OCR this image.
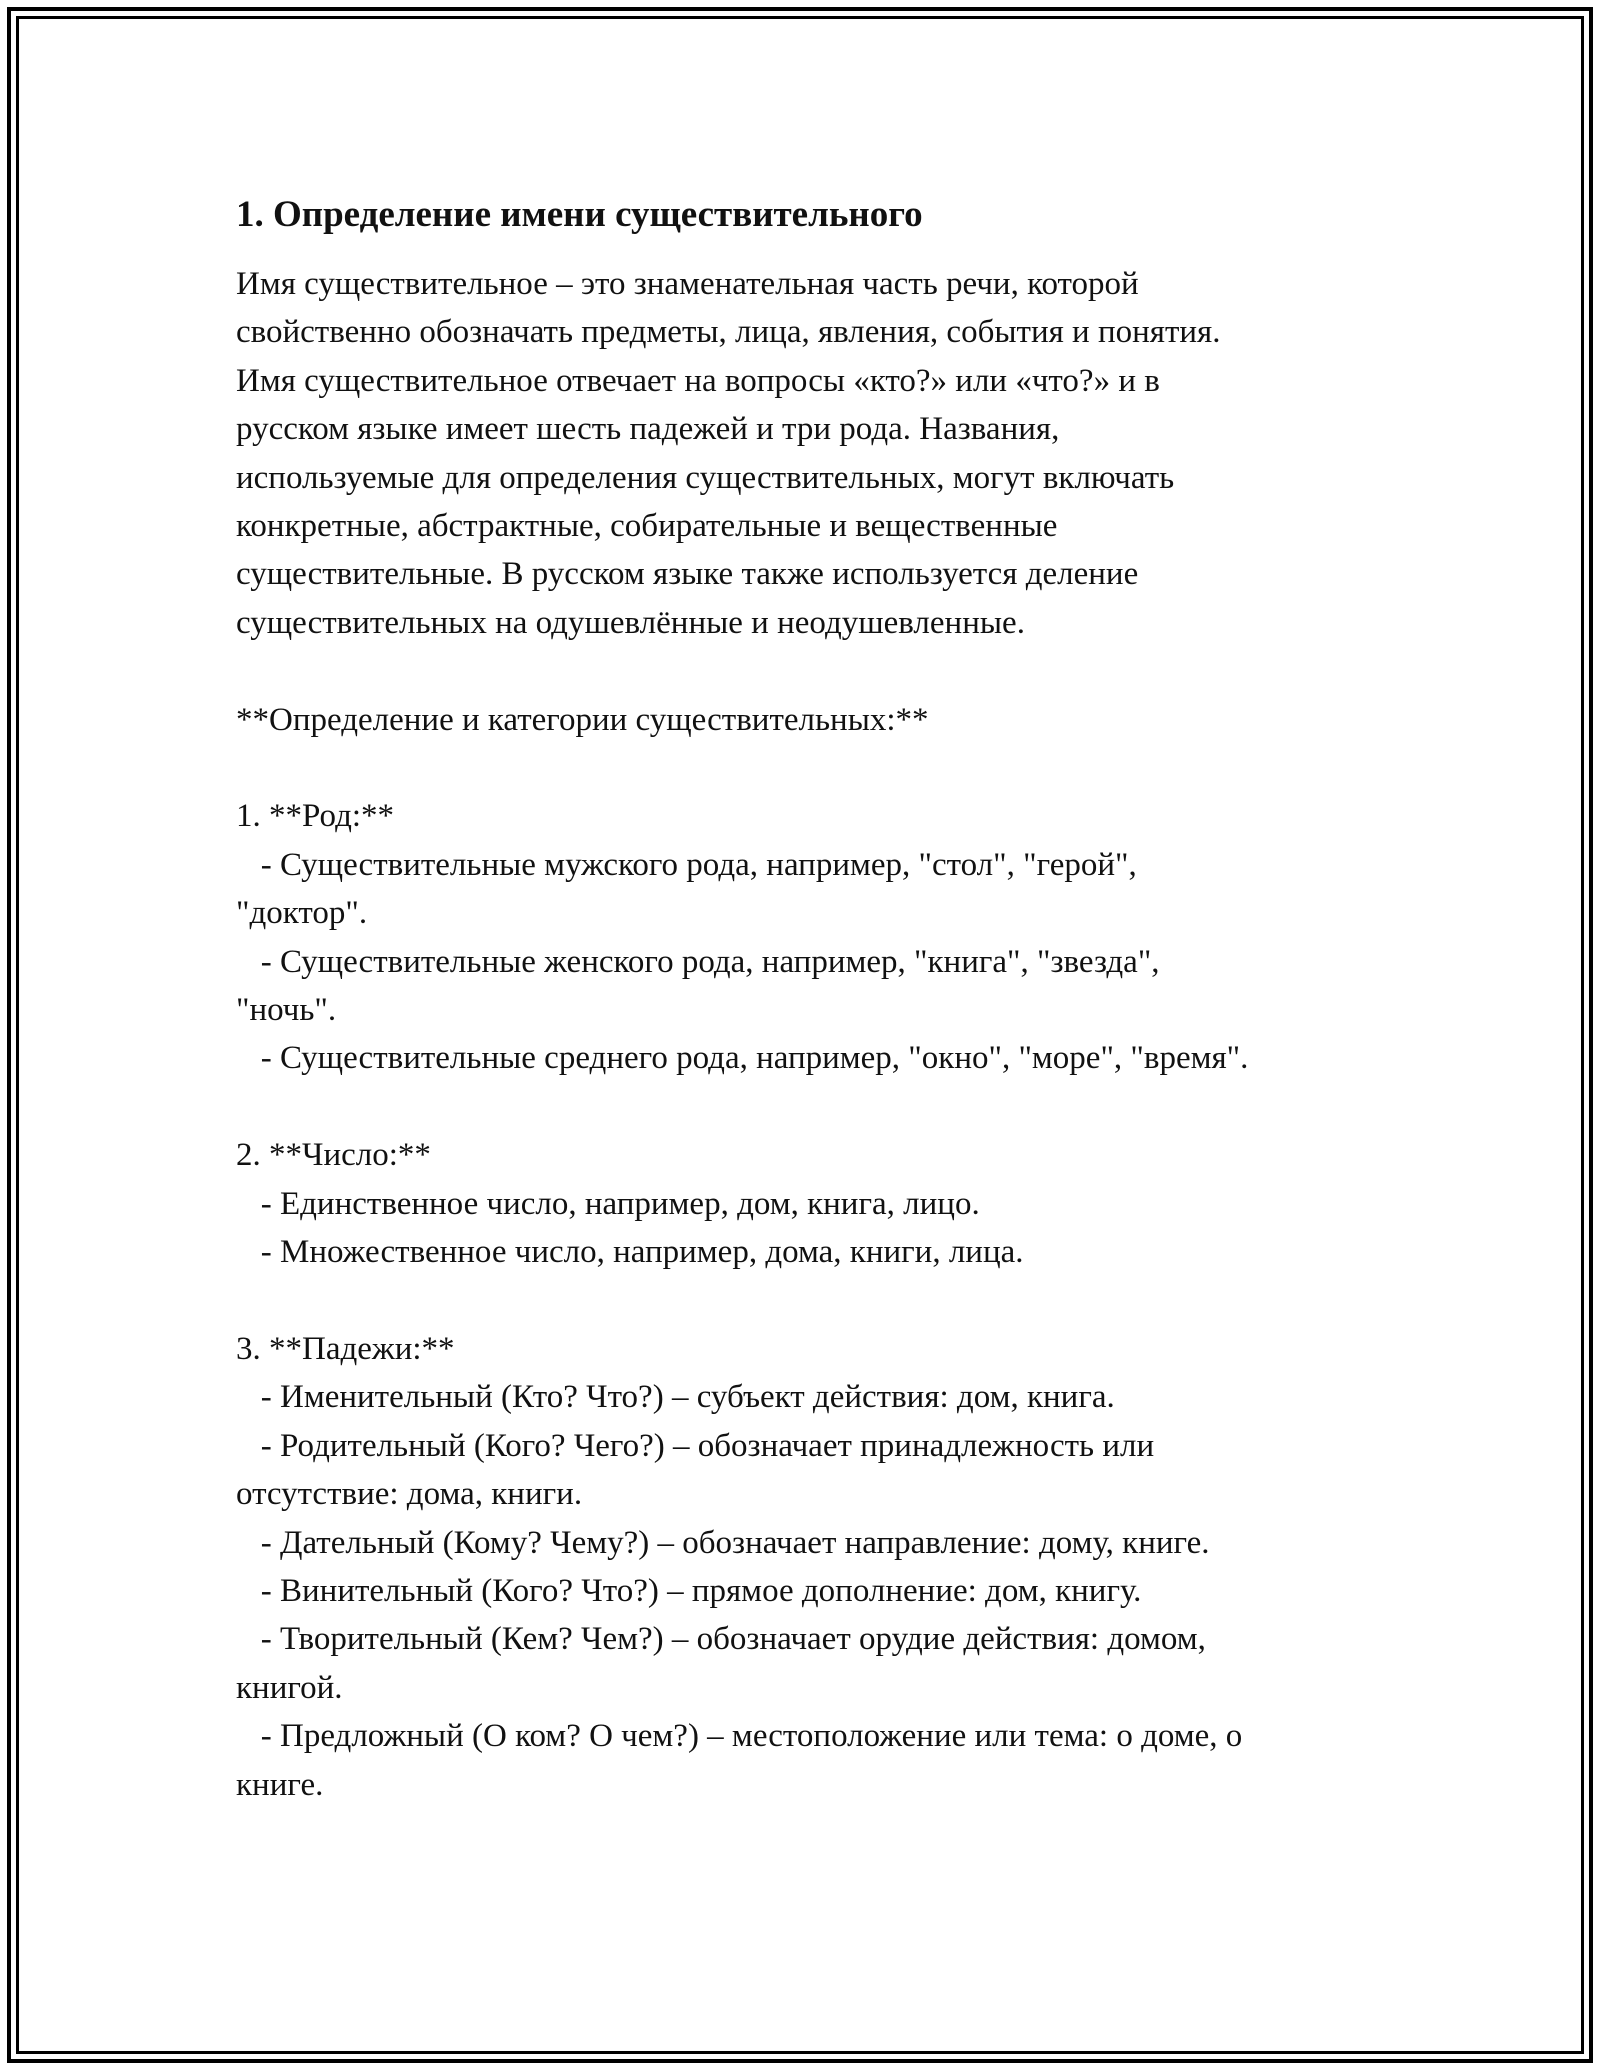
1. Определение имени существительного
Имя существительное – это знаменательная часть речи, которой
свойственно обозначать предметы, лица, явления, события и понятия.
Имя существительное отвечает на вопросы «кто?» или «что?» и в
русском языке имеет шесть падежей и три рода. Названия,
используемые для определения существительных, могут включать
конкретные, абстрактные, собирательные и вещественные
существительные. В русском языке также используется деление
существительных на одушевлённые и неодушевленные.
**Определение и категории существительных:**
1. **Род:**
- Существительные мужского рода, например, "стол", "герой",
"доктор".
- Существительные женского рода, например, "книга", "звезда",
"ночь".
- Существительные среднего рода, например, "окно", "море", "время".
2. **Число:**
- Единственное число, например, дом, книга, лицо.
- Множественное число, например, дома, книги, лица.
3. **Падежи:**
- Именительный (Кто? Что?) – субъект действия: дом, книга.
- Родительный (Кого? Чего?) – обозначает принадлежность или
отсутствие: дома, книги.
- Дательный (Кому? Чему?) – обозначает направление: дому, книге.
- Винительный (Кого? Что?) – прямое дополнение: дом, книгу.
- Творительный (Кем? Чем?) – обозначает орудие действия: домом,
книгой.
- Предложный (О ком? О чем?) – местоположение или тема: о доме, о
книге.
